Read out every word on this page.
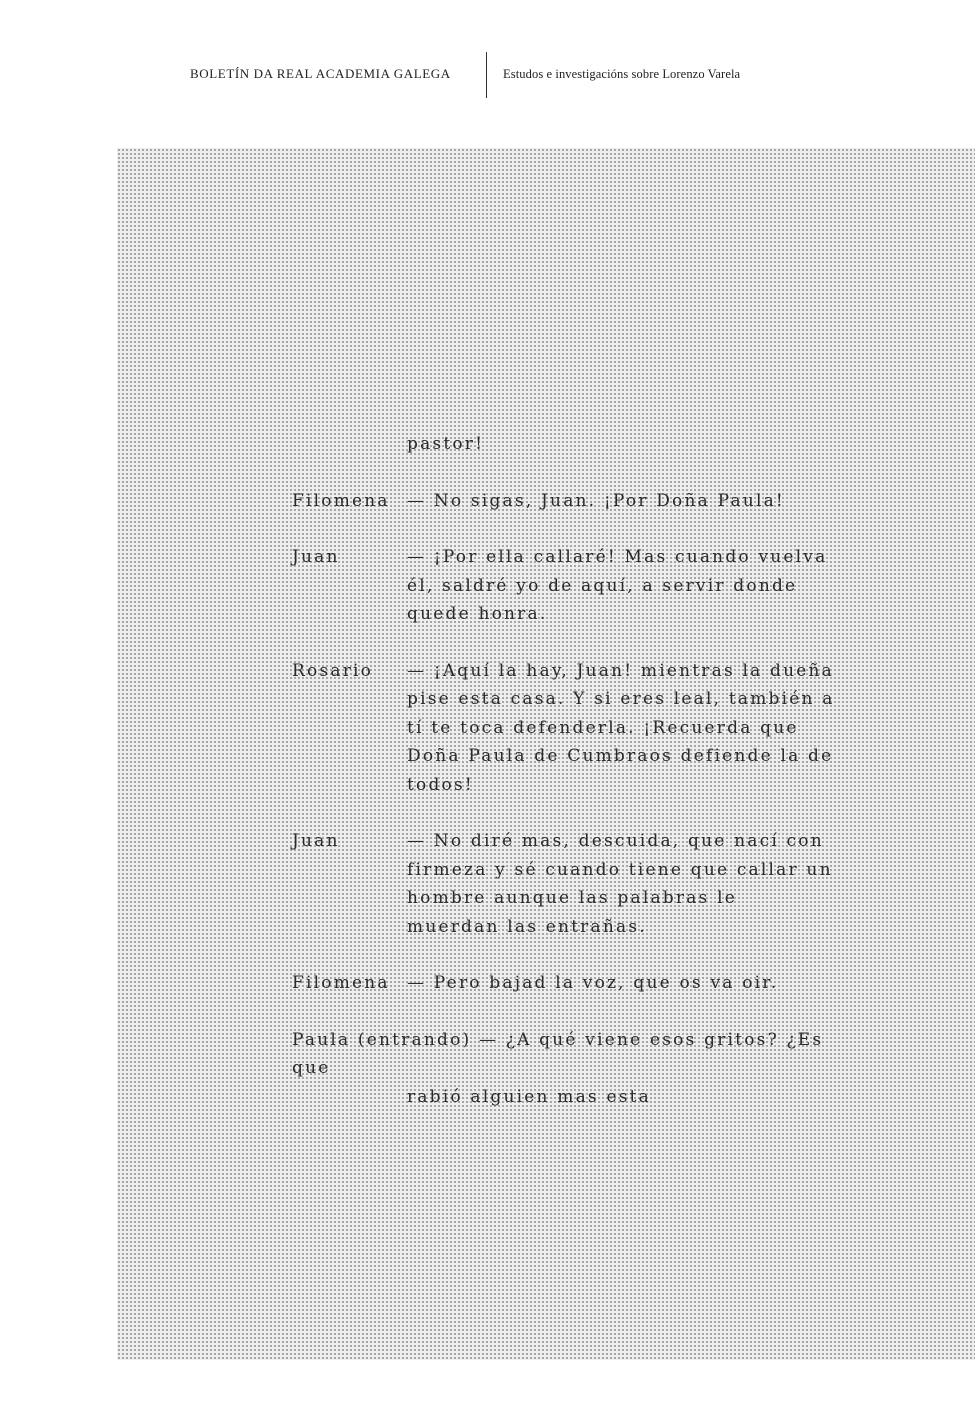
BOLETÍN DA REAL ACADEMIA GALEGA	Estudos e investigacións sobre Lorenzo Varela
pastor!
Filomena — No sigas, Juan. ¡Por Doña Paula!
Juan	— ¡Por ella callaré! Mas cuando vuelva él, saldré yo de aquí, a servir donde quede honra.
Rosario — ¡Aquí la hay, Juan! mientras la dueña pise esta casa. Y si eres leal, también a tí te toca defenderla. ¡Recuerda que Doña Paula de Cumbraos defiende la de todos!
Juan	— No diré mas, descuida, que nací con firmeza y sé cuando tiene que callar un hombre aunque las palabras le muerdan las entrañas.
Filomena — Pero bajad la voz, que os va oir.
Paula (entrando) — ¿A qué viene esos gritos? ¿Es que
rabió alguien mas esta
